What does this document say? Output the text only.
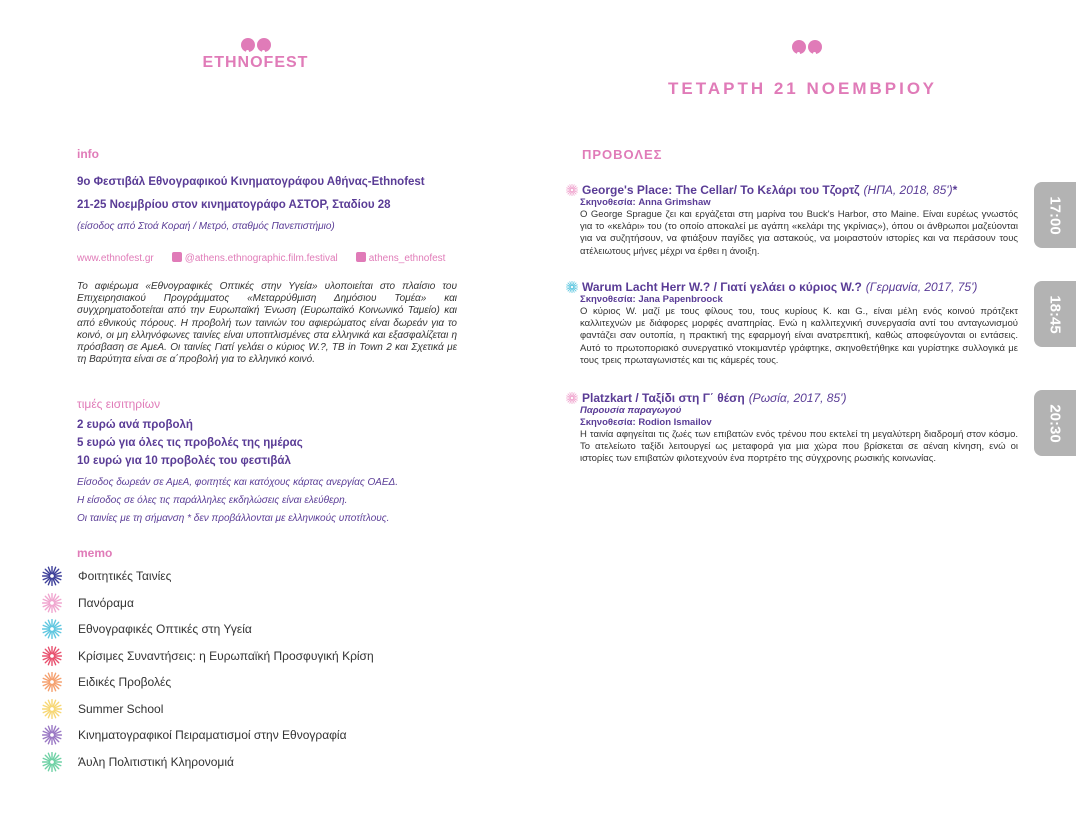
ETHNOFEST
ΤΕΤΑΡΤΗ 21 ΝΟΕΜΒΡΙΟΥ
info
9ο Φεστιβάλ Εθνογραφικού Κινηματογράφου Αθήνας-Ethnofest
21-25 Νοεμβρίου στον κινηματογράφο ΑΣΤΟΡ, Σταδίου 28
(είσοδος από Στοά Κοραή / Μετρό, σταθμός Πανεπιστήμιο)
www.ethnofest.gr	@athens.ethnographic.film.festival	athens_ethnofest
Το αφιέρωμα «Εθνογραφικές Οπτικές στην Υγεία» υλοποιείται στο πλαίσιο του Επιχειρησιακού Προγράμματος «Μεταρρύθμιση Δημόσιου Τομέα» και συγχρηματοδοτείται από την Ευρωπαϊκή Ένωση (Ευρωπαϊκό Κοινωνικό Ταμείο) και από εθνικούς πόρους. Η προβολή των ταινιών του αφιερώματος είναι δωρεάν για το κοινό, οι μη ελληνόφωνες ταινίες είναι υποτιτλισμένες στα ελληνικά και εξασφαλίζεται η πρόσβαση σε ΑμεΑ. Οι ταινίες Γιατί γελάει ο κύριος W.?, ΤΒ in Town 2 και Σχετικά με τη Βαρύτητα είναι σε α΄προβολή για το ελληνικό κοινό.
τιμές εισιτηρίων
2 ευρώ ανά προβολή
5 ευρώ για όλες τις προβολές της ημέρας
10 ευρώ για 10 προβολές του φεστιβάλ
Είσοδος δωρεάν σε ΑμεΑ, φοιτητές και κατόχους κάρτας ανεργίας ΟΑΕΔ.
Η είσοδος σε όλες τις παράλληλες εκδηλώσεις είναι ελεύθερη.
Οι ταινίες με τη σήμανση * δεν προβάλλονται με ελληνικούς υποτίτλους.
memo
Φοιτητικές Ταινίες
Πανόραμα
Εθνογραφικές Οπτικές στη Υγεία
Κρίσιμες Συναντήσεις: η Ευρωπαϊκή Προσφυγική Κρίση
Ειδικές Προβολές
Summer School
Κινηματογραφικοί Πειραματισμοί στην Εθνογραφία
Άυλη Πολιτιστική Κληρονομιά
ΠΡΟΒΟΛΕΣ
George's Place: The Cellar/ Το Κελάρι του Τζορτζ (ΗΠΑ, 2018, 85') *
Σκηνοθεσία: Anna Grimshaw
O George Sprague ζει και εργάζεται στη μαρίνα του Buck's Harbor, στο Maine. Είναι ευρέως γνωστός για το «κελάρι» του (το οποίο αποκαλεί με αγάπη «κελάρι της γκρίνιας»), όπου οι άνθρωποι μαζεύονται για να συζητήσουν, να φτιάξουν παγίδες για αστακούς, να μοιραστούν ιστορίες και να περάσουν τους ατέλειωτους μήνες μέχρι να έρθει η άνοιξη.
Warum Lacht Herr W.? / Γιατί γελάει ο κύριος W.? (Γερμανία, 2017, 75')
Σκηνοθεσία: Jana Papenbroock
Ο κύριος W. μαζί με τους φίλους του, τους κυρίους K. και G., είναι μέλη ενός κοινού πρότζεκτ καλλιτεχνών με διάφορες μορφές αναπηρίας. Ενώ η καλλιτεχνική συνεργασία αντί του ανταγωνισμού φαντάζει σαν ουτοπία, η πρακτική της εφαρμογή είναι ανατρεπτική, καθώς αποφεύγονται οι εντάσεις. Αυτό το πρωτοποριακό συνεργατικό ντοκιμαντέρ γράφτηκε, σκηνοθετήθηκε και γυρίστηκε συλλογικά με τους τρεις πρωταγωνιστές και τις κάμερές τους.
Platzkart / Ταξίδι στη Γ΄ θέση (Ρωσία, 2017, 85')
Παρουσία παραγωγού
Σκηνοθεσία: Rodion Ismailov
Η ταινία αφηγείται τις ζωές των επιβατών ενός τρένου που εκτελεί τη μεγαλύτερη διαδρομή στον κόσμο. Το ατελείωτο ταξίδι λειτουργεί ως μεταφορά για μια χώρα που βρίσκεται σε αέναη κίνηση, ενώ οι ιστορίες των επιβατών φιλοτεχνούν ένα πορτρέτο της σύγχρονης ρωσικής κοινωνίας.
17:00
18:45
20:30
